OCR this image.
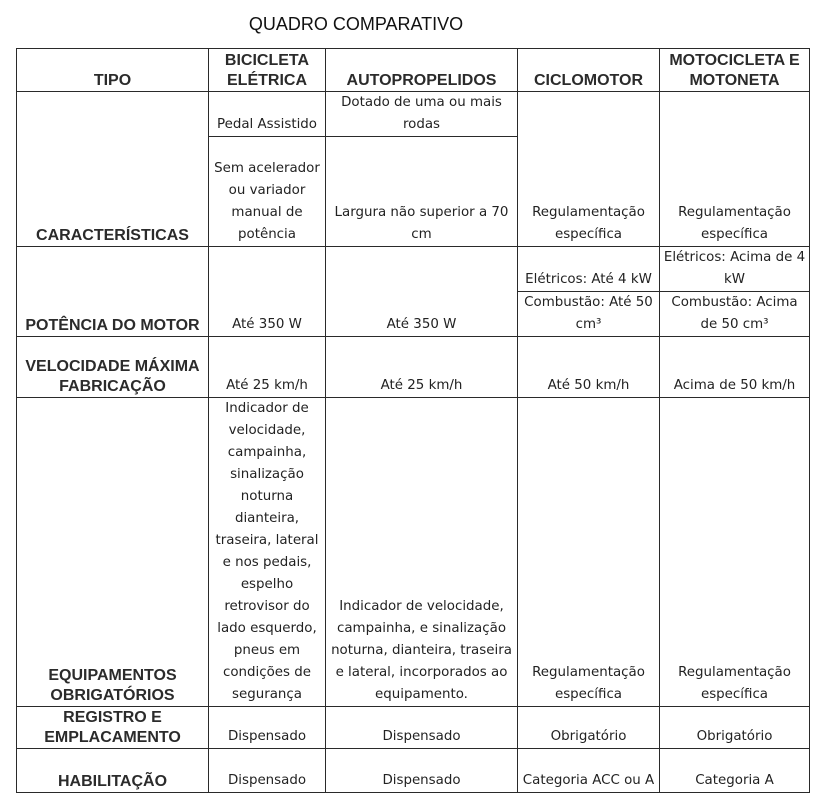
QUADRO COMPARATIVO
TIPO	BICICLETA ELÉTRICA	AUTOPROPELIDOS	CICLOMOTOR	MOTOCICLETA E MOTONETA
CARACTERÍSTICAS	Pedal Assistido	Dotado de uma ou mais rodas	Regulamentação específica	Regulamentação específica
	Sem acelerador ou variador manual de potência	Largura não superior a 70 cm		
POTÊNCIA DO MOTOR	Até 350 W	Até 350 W	Elétricos: Até 4 kW	Elétricos: Acima de 4 kW
			Combustão: Até 50 cm³	Combustão: Acima de 50 cm³
VELOCIDADE MÁXIMA FABRICAÇÃO	Até 25 km/h	Até 25 km/h	Até 50 km/h	Acima de 50 km/h
EQUIPAMENTOS OBRIGATÓRIOS	Indicador de velocidade, campainha, sinalização noturna dianteira, traseira, lateral e nos pedais, espelho retrovisor do lado esquerdo, pneus em condições de segurança	Indicador de velocidade, campainha, e sinalização noturna, dianteira, traseira e lateral, incorporados ao equipamento.	Regulamentação específica	Regulamentação específica
REGISTRO E EMPLACAMENTO	Dispensado	Dispensado	Obrigatório	Obrigatório
HABILITAÇÃO	Dispensado	Dispensado	Categoria ACC ou A	Categoria A
